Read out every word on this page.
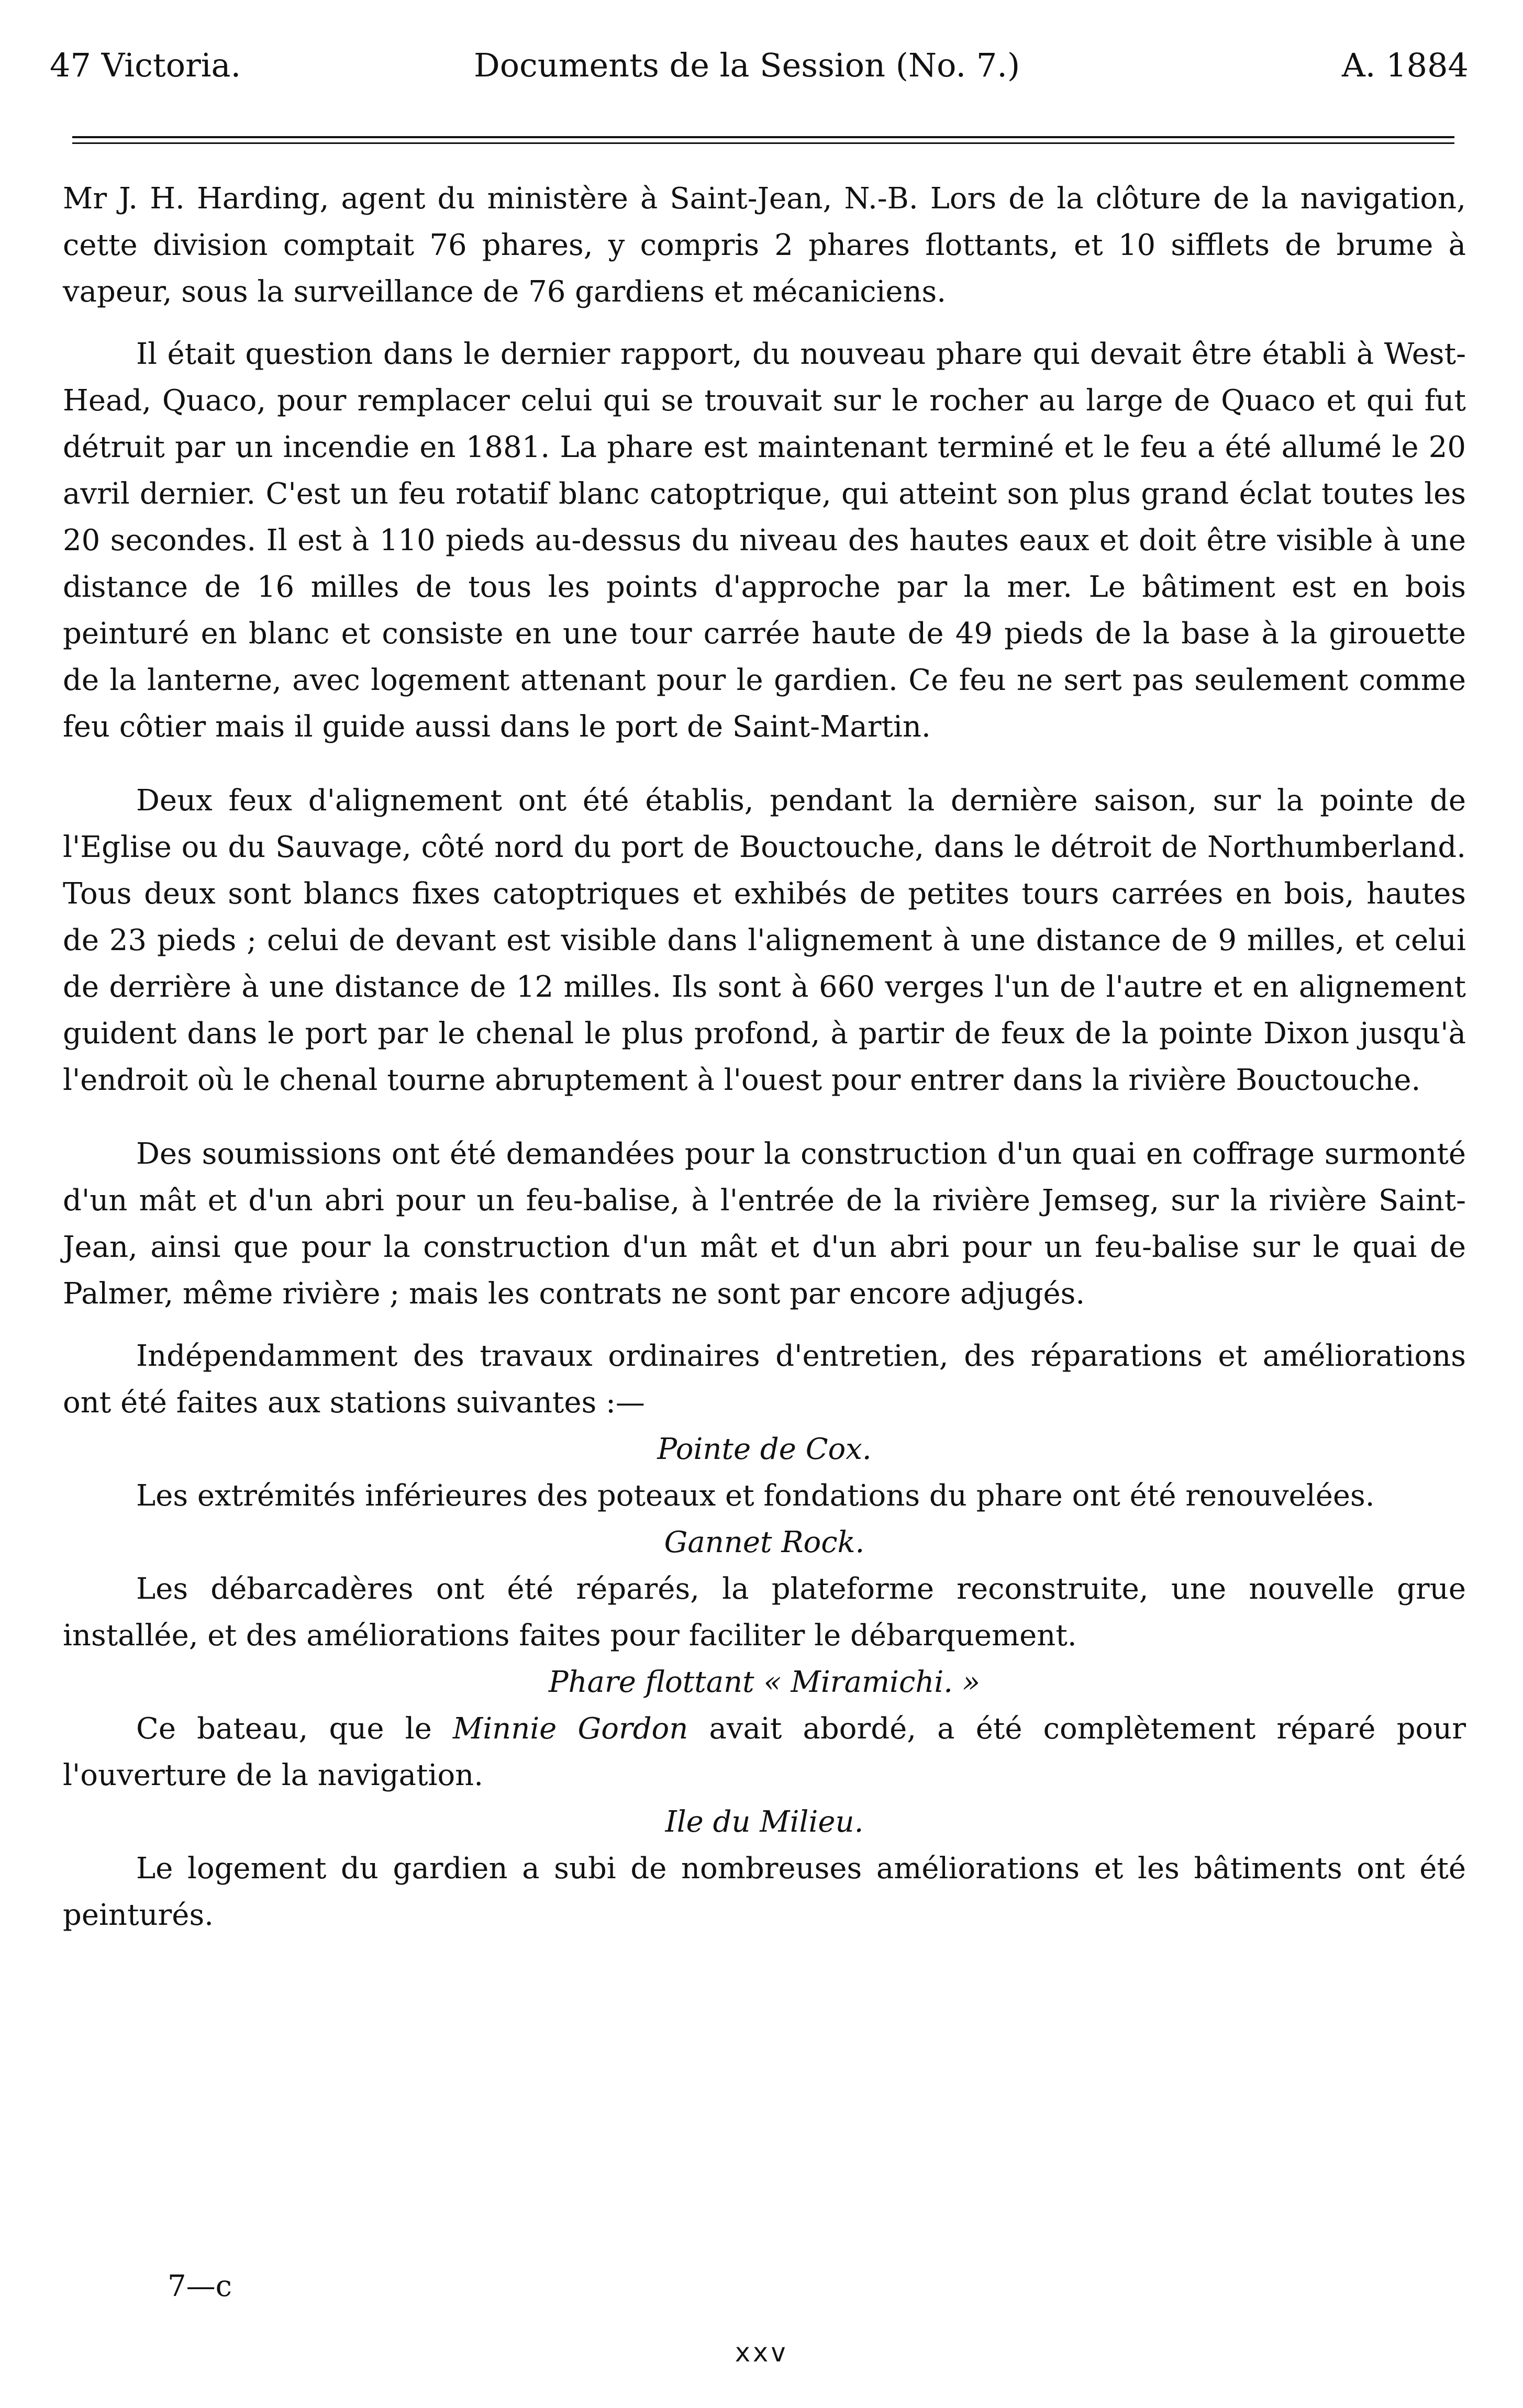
47 Victoria.	Documents de la Session (No. 7.)	A. 1884

Mr J. H. Harding, agent du ministère à Saint-Jean, N.-B. Lors de la clôture de la navigation, cette division comptait 76 phares, y compris 2 phares flottants, et 10 sifflets de brume à vapeur, sous la surveillance de 76 gardiens et mécaniciens.

Il était question dans le dernier rapport, du nouveau phare qui devait être établi à West-Head, Quaco, pour remplacer celui qui se trouvait sur le rocher au large de Quaco et qui fut détruit par un incendie en 1881. La phare est maintenant terminé et le feu a été allumé le 20 avril dernier. C'est un feu rotatif blanc catoptrique, qui atteint son plus grand éclat toutes les 20 secondes. Il est à 110 pieds au-dessus du niveau des hautes eaux et doit être visible à une distance de 16 milles de tous les points d'approche par la mer. Le bâtiment est en bois peinturé en blanc et consiste en une tour carrée haute de 49 pieds de la base à la girouette de la lanterne, avec logement attenant pour le gardien. Ce feu ne sert pas seulement comme feu côtier mais il guide aussi dans le port de Saint-Martin.

Deux feux d'alignement ont été établis, pendant la dernière saison, sur la pointe de l'Eglise ou du Sauvage, côté nord du port de Bouctouche, dans le détroit de Northumberland. Tous deux sont blancs fixes catoptriques et exhibés de petites tours carrées en bois, hautes de 23 pieds ; celui de devant est visible dans l'alignement à une distance de 9 milles, et celui de derrière à une distance de 12 milles. Ils sont à 660 verges l'un de l'autre et en alignement guident dans le port par le chenal le plus profond, à partir de feux de la pointe Dixon jusqu'à l'endroit où le chenal tourne abruptement à l'ouest pour entrer dans la rivière Bouctouche.

Des soumissions ont été demandées pour la construction d'un quai en coffrage surmonté d'un mât et d'un abri pour un feu-balise, à l'entrée de la rivière Jemseg, sur la rivière Saint-Jean, ainsi que pour la construction d'un mât et d'un abri pour un feu-balise sur le quai de Palmer, même rivière ; mais les contrats ne sont par encore adjugés.

Indépendamment des travaux ordinaires d'entretien, des réparations et améliorations ont été faites aux stations suivantes :—

Pointe de Cox.

Les extrémités inférieures des poteaux et fondations du phare ont été renouvelées.

Gannet Rock.

Les débarcadères ont été réparés, la plateforme reconstruite, une nouvelle grue installée, et des améliorations faites pour faciliter le débarquement.

Phare flottant « Miramichi. »

Ce bateau, que le Minnie Gordon avait abordé, a été complètement réparé pour l'ouverture de la navigation.

Ile du Milieu.

Le logement du gardien a subi de nombreuses améliorations et les bâtiments ont été peinturés.

7—c
xxv
